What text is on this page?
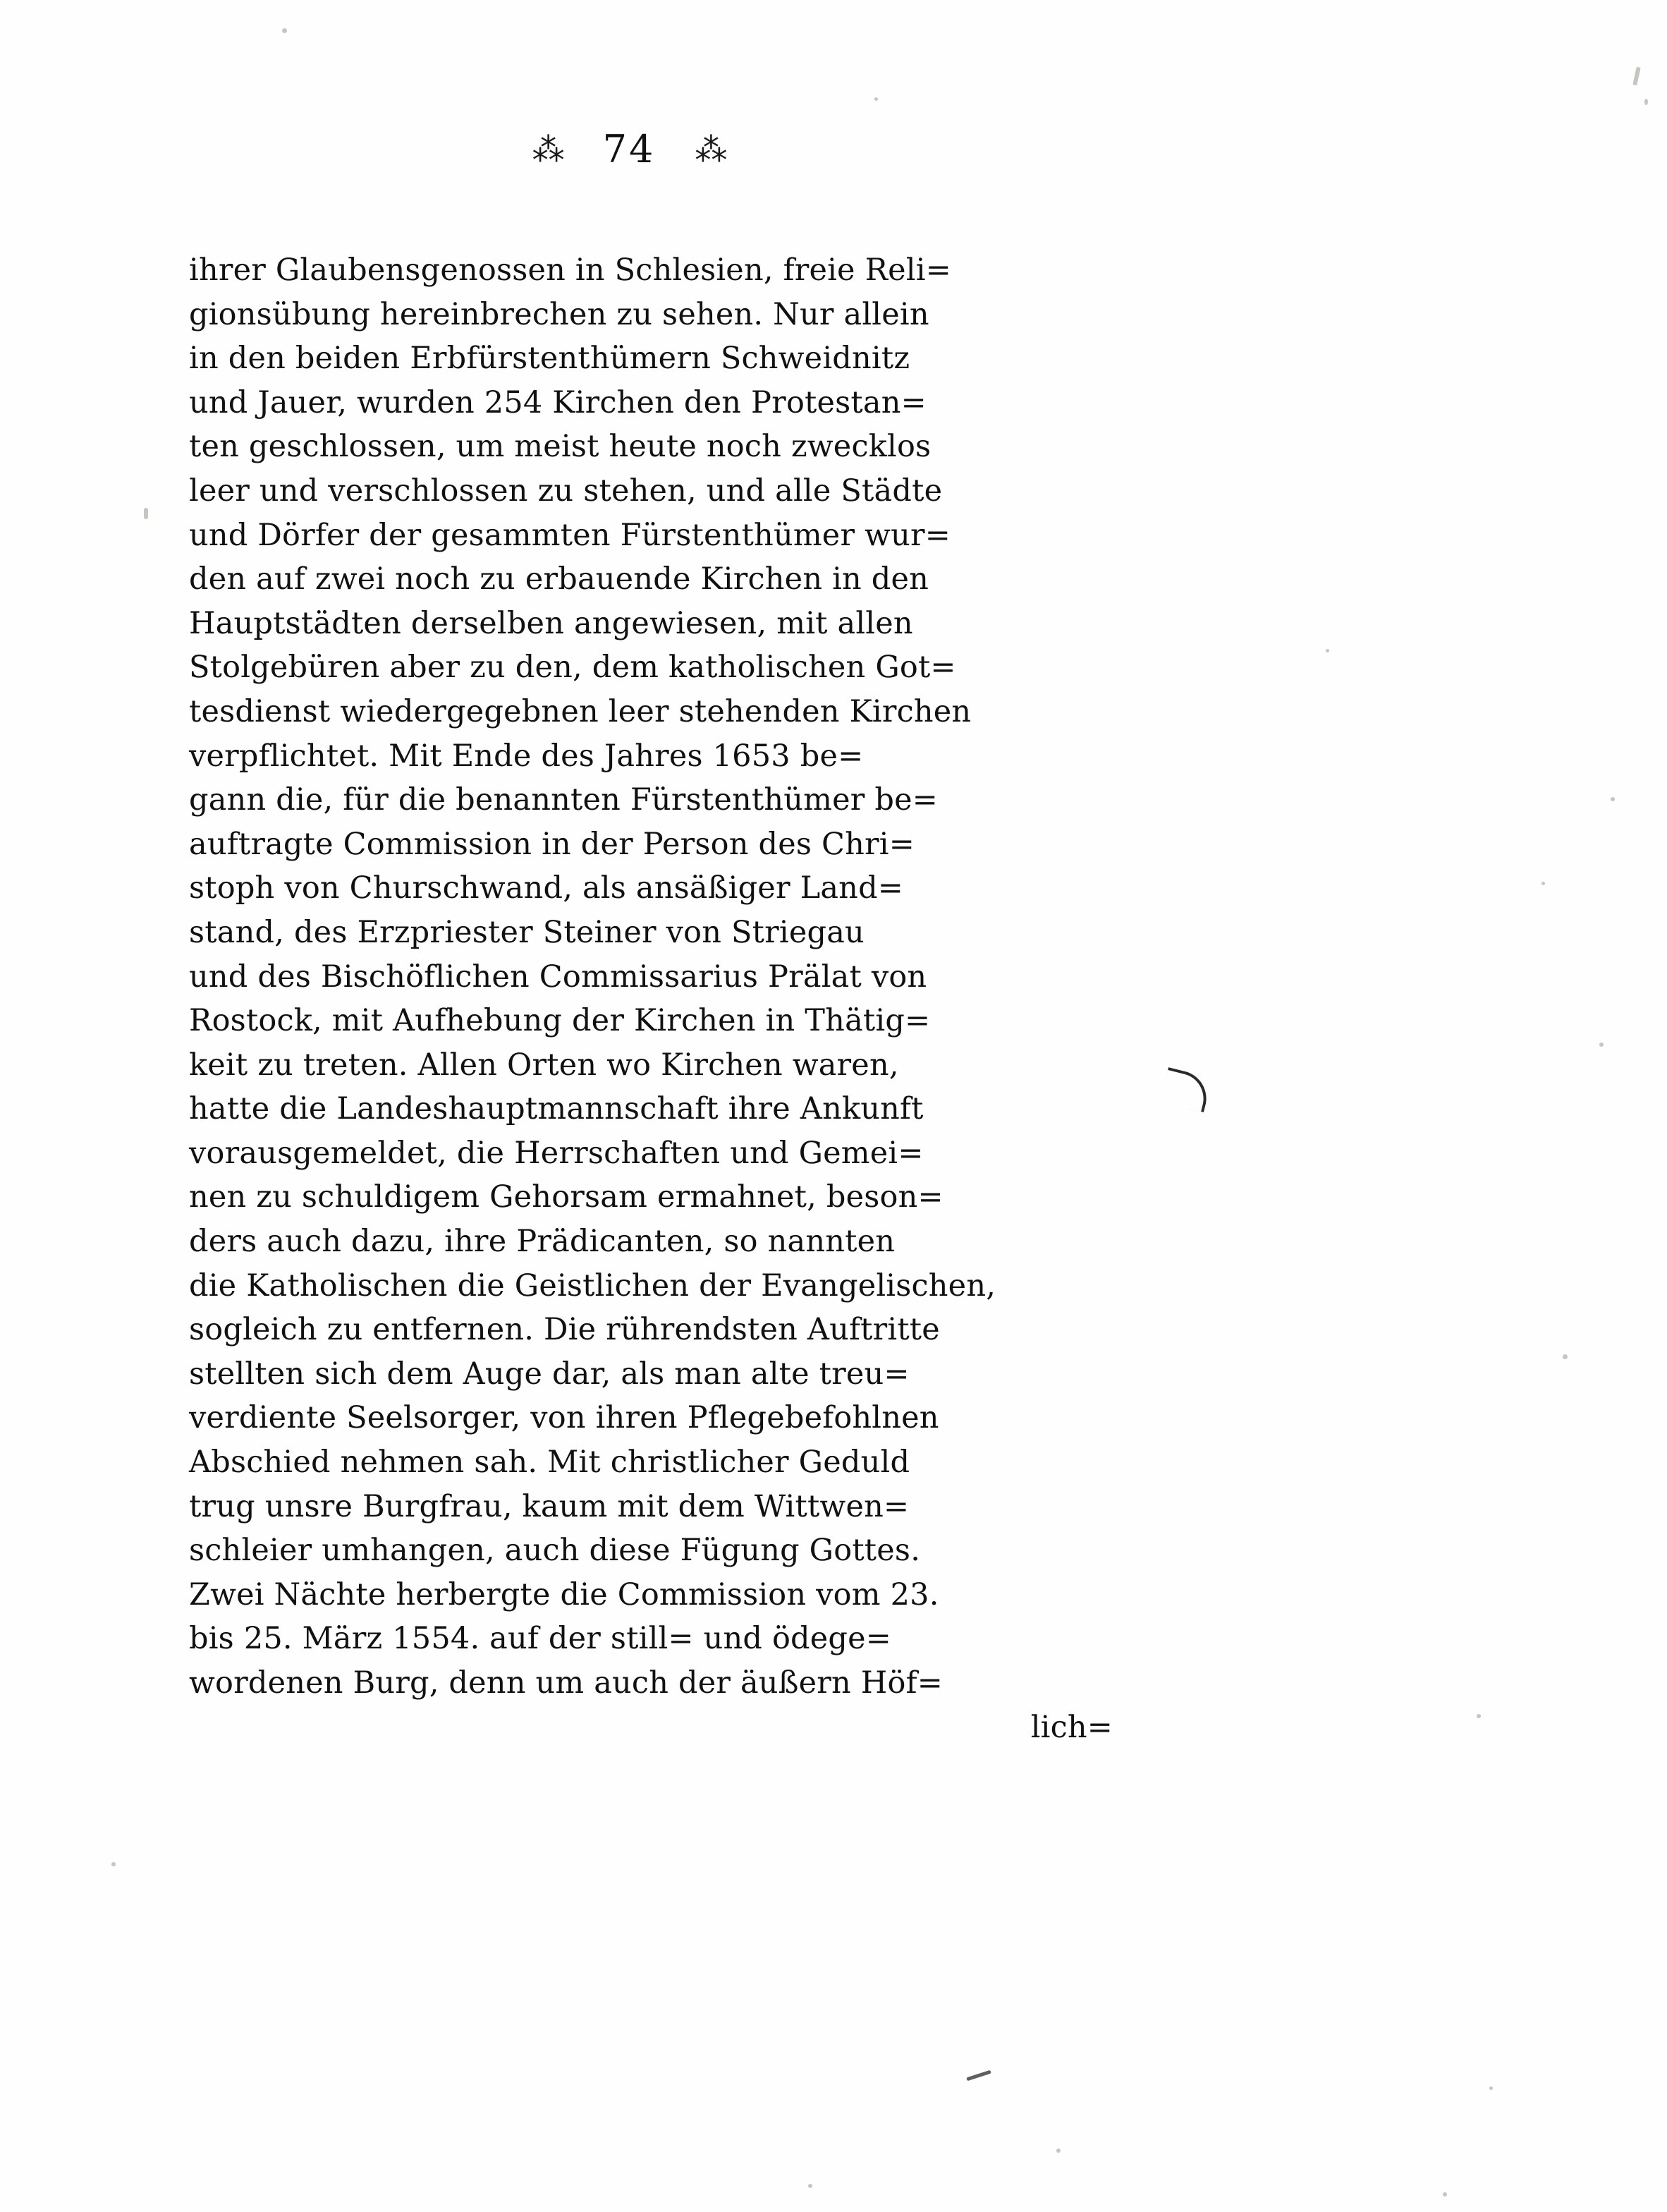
⁂ 74 ⁂
ihrer Glaubensgenossen in Schlesien, freie Reli=
gionsübung hereinbrechen zu sehen. Nur allein
in den beiden Erbfürstenthümern Schweidnitz
und Jauer, wurden 254 Kirchen den Protestan=
ten geschlossen, um meist heute noch zwecklos
leer und verschlossen zu stehen, und alle Städte
und Dörfer der gesammten Fürstenthümer wur=
den auf zwei noch zu erbauende Kirchen in den
Hauptstädten derselben angewiesen, mit allen
Stolgebüren aber zu den, dem katholischen Got=
tesdienst wiedergegebnen leer stehenden Kirchen
verpflichtet. Mit Ende des Jahres 1653 be=
gann die, für die benannten Fürstenthümer be=
auftragte Commission in der Person des Chri=
stoph von Churschwand, als ansäßiger Land=
stand, des Erzpriester Steiner von Striegau
und des Bischöflichen Commissarius Prälat von
Rostock, mit Aufhebung der Kirchen in Thätig=
keit zu treten. Allen Orten wo Kirchen waren,
hatte die Landeshauptmannschaft ihre Ankunft
vorausgemeldet, die Herrschaften und Gemei=
nen zu schuldigem Gehorsam ermahnet, beson=
ders auch dazu, ihre Prädicanten, so nannten
die Katholischen die Geistlichen der Evangelischen,
sogleich zu entfernen. Die rührendsten Auftritte
stellten sich dem Auge dar, als man alte treu=
verdiente Seelsorger, von ihren Pflegebefohlnen
Abschied nehmen sah. Mit christlicher Geduld
trug unsre Burgfrau, kaum mit dem Wittwen=
schleier umhangen, auch diese Fügung Gottes.
Zwei Nächte herbergte die Commission vom 23.
bis 25. März 1554. auf der still= und ödege=
wordenen Burg, denn um auch der äußern Höf=
lich=
